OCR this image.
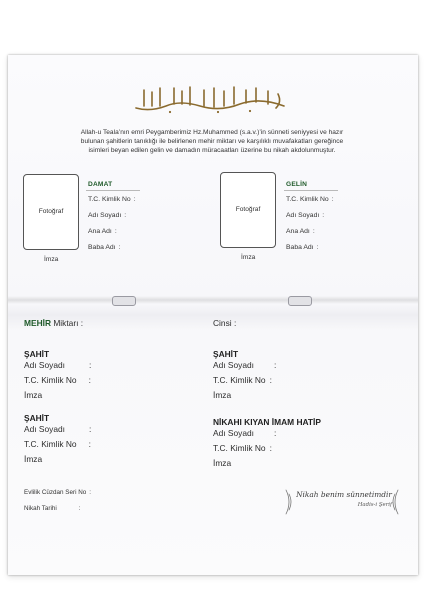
Allah-u Teala’nın emri Peygamberimiz Hz.Muhammed (s.a.v.)’in sünneti seniyyesi ve hazır
bulunan şahitlerin tanıklığı ile belirlenen mehir miktarı ve karşılıklı muvafakatları gereğince
isimleri beyan edilen gelin ve damadın müracaatları üzerine bu nikah akdolunmuştur.
Fotoğraf
İmza
DAMAT
T.C. Kimlik No :
Adı Soyadı :
Ana Adı :
Baba Adı :
Fotoğraf
İmza
GELİN
T.C. Kimlik No :
Adı Soyadı :
Ana Adı :
Baba Adı :
MEHİR Miktarı :	Cinsi :
ŞAHİT
Adı Soyadı	:
T.C. Kimlik No :
İmza
ŞAHİT
Adı Soyadı :
T.C. Kimlik No :
İmza
ŞAHİT
Adı Soyadı	:
T.C. Kimlik No :
İmza
NİKAHI KIYAN İMAM HATİP
Adı Soyadı :
T.C. Kimlik No :
İmza
Evlilik Cüzdan Seri No :
Nikah Tarihi	:
Nikah benim sünnetimdir
Hadis-i Şerif
